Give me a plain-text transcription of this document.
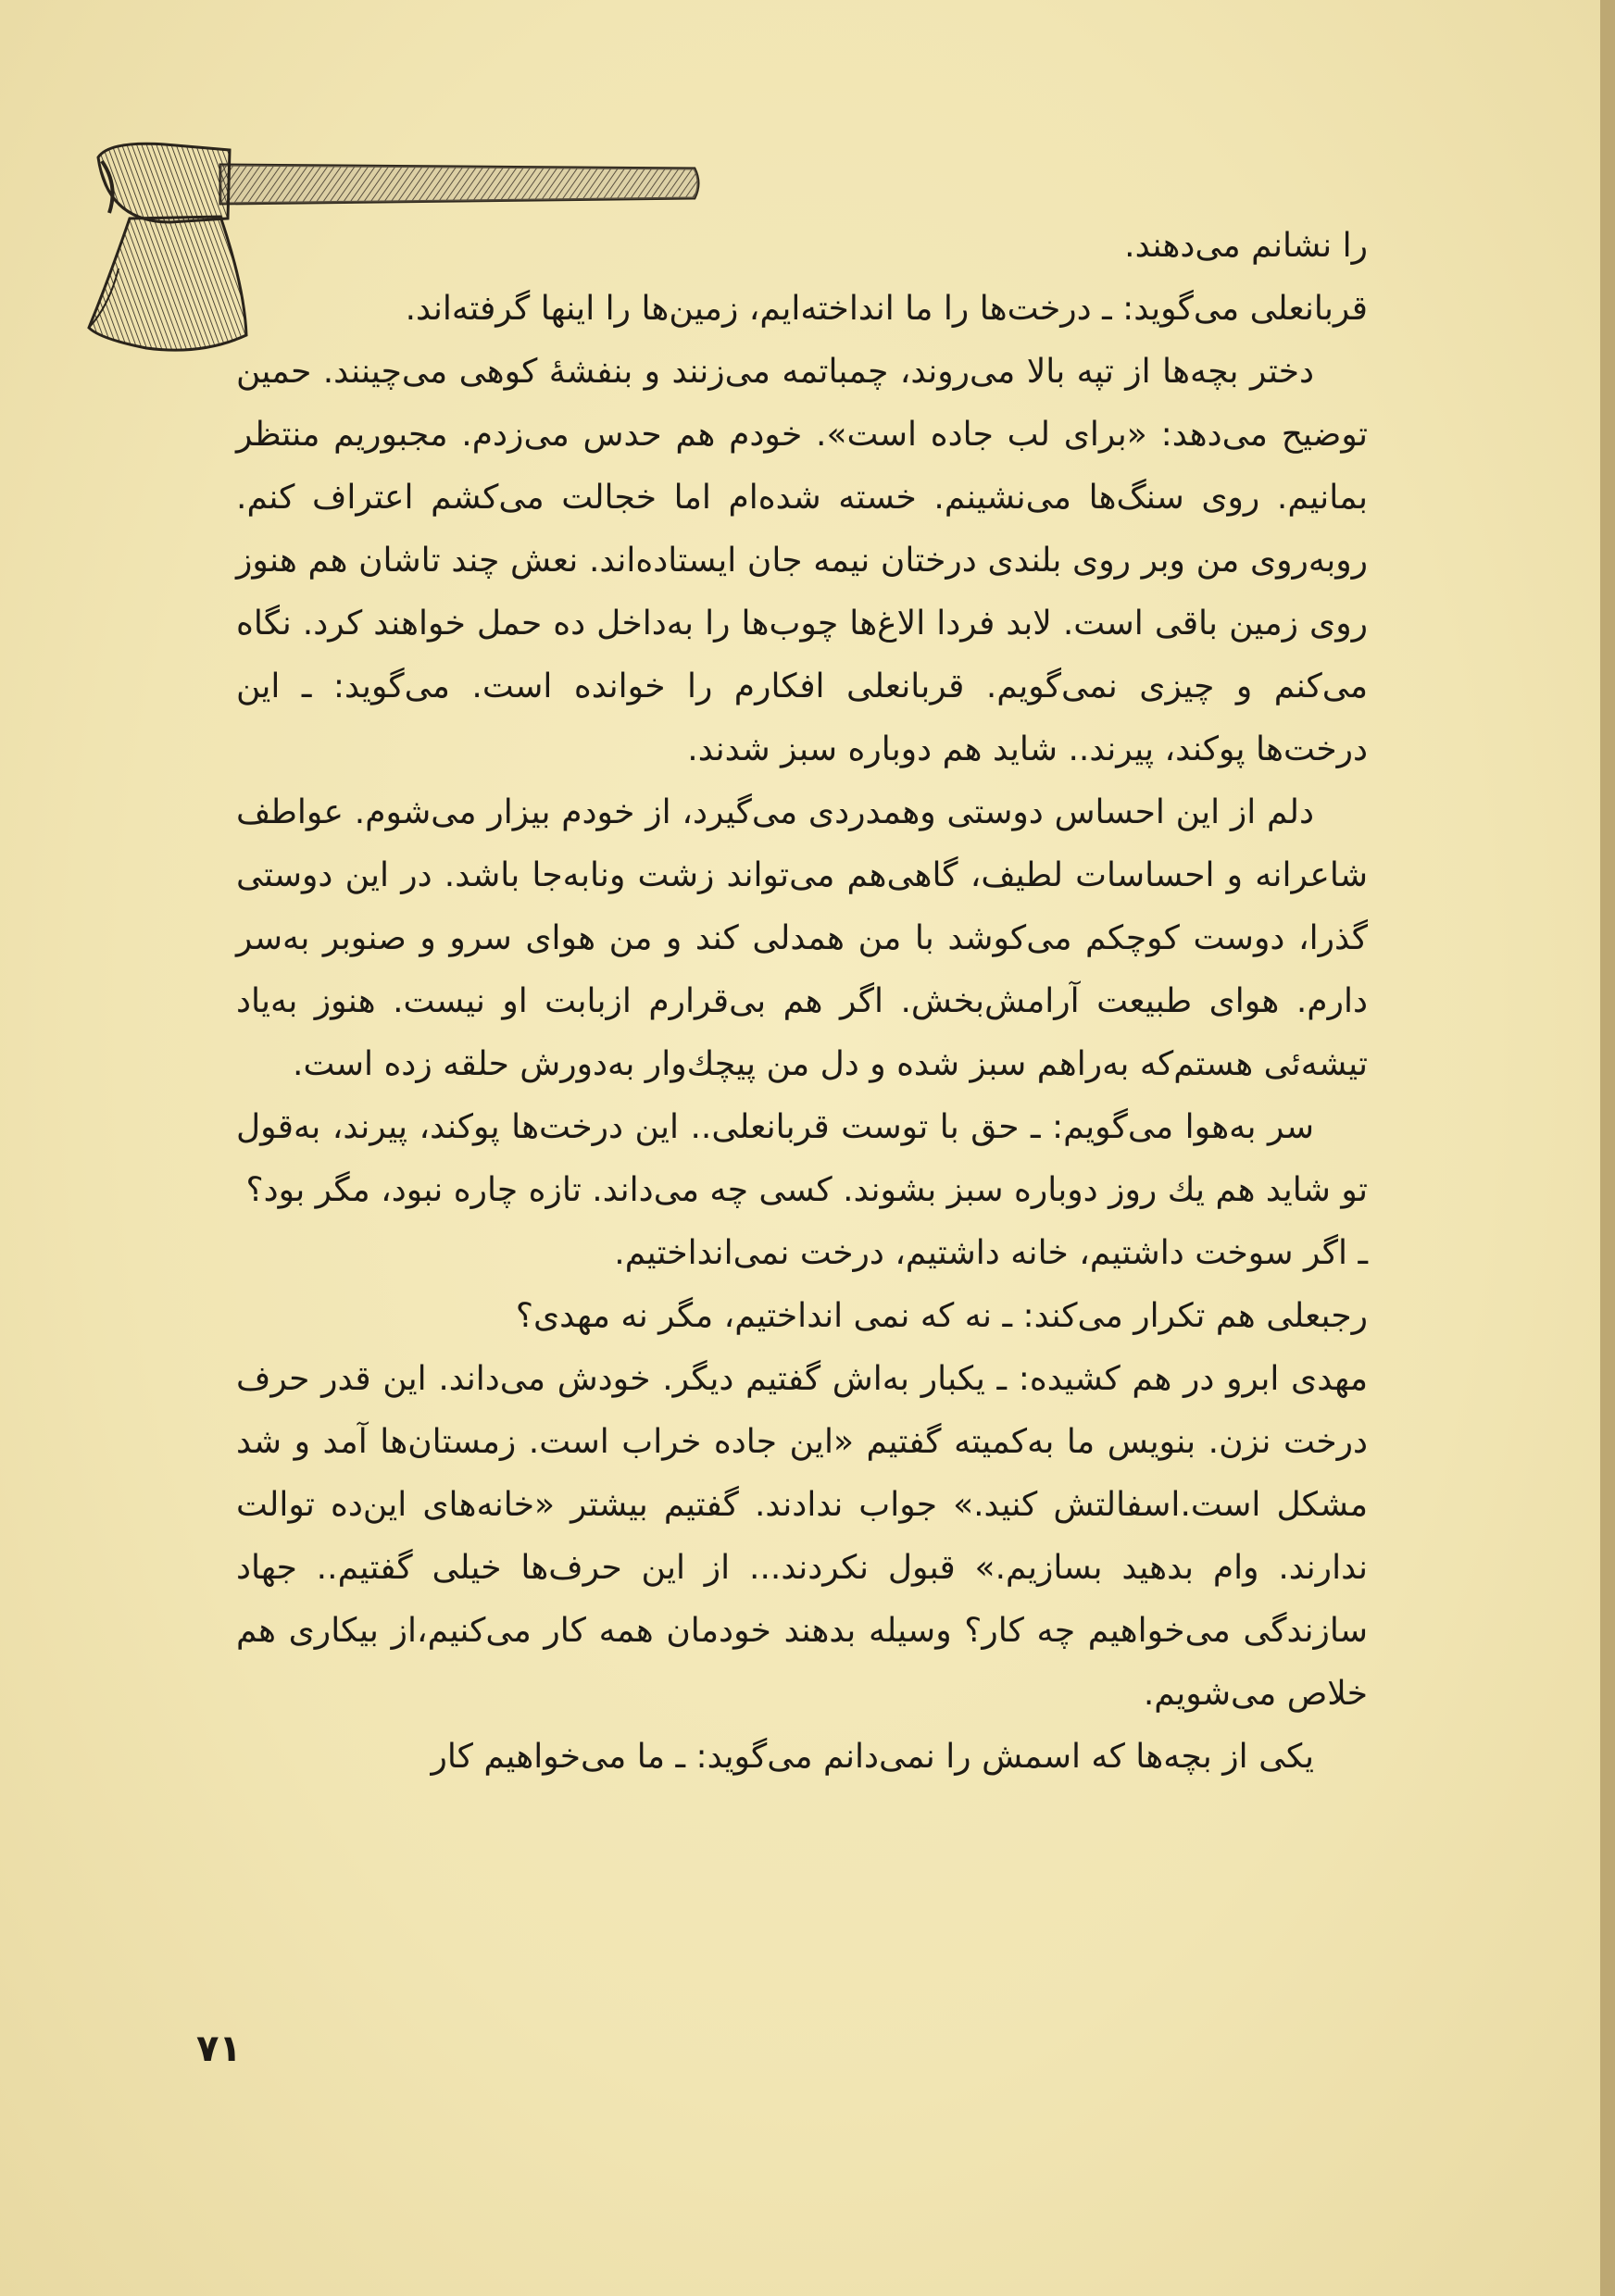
را نشانم می‌دهند.

قربانعلی می‌گوید: ـ درخت‌ها را ما انداخته‌ایم، زمین‌ها را اینها گرفته‌اند.

دختر بچه‌ها از تپه بالا می‌روند، چمباتمه می‌زنند و بنفشهٔ کوهی می‌چینند. حمین توضیح می‌دهد: «برای لب جاده است». خودم هم حدس می‌زدم. مجبوریم منتظر بمانیم. روی سنگ‌ها می‌نشینم. خسته شده‌ام اما خجالت می‌کشم اعتراف کنم. روبه‌روی من وبر روی بلندی درختان نیمه جان ایستاده‌اند. نعش چند تاشان هم هنوز روی زمین باقی است. لابد فردا الاغ‌ها چوب‌ها را به‌داخل ده حمل خواهند کرد. نگاه می‌کنم و چیزی نمی‌گویم. قربانعلی افکارم را خوانده است. می‌گوید: ـ این درخت‌ها پوکند، پیرند.. شاید هم دوباره سبز شدند.

دلم از این احساس دوستی وهمدردی می‌گیرد، از خودم بیزار می‌شوم. عواطف شاعرانه و احساسات لطیف، گاهی‌هم می‌تواند زشت ونابه‌جا باشد. در این دوستی گذرا، دوست کوچکم می‌کوشد با من همدلی کند و من هوای سرو و صنوبر به‌سر دارم. هوای طبیعت آرامش‌بخش. اگر هم بی‌قرارم ازبابت او نیست. هنوز به‌یاد تیشه‌ئی هستم‌که به‌راهم سبز شده و دل من پیچك‌وار به‌دورش حلقه زده است.

سر به‌هوا می‌گویم: ـ حق با توست قربانعلی.. این درخت‌ها پوکند، پیرند، به‌قول تو شاید هم یك روز دوباره سبز بشوند. کسی چه می‌داند. تازه چاره نبود، مگر بود؟

ـ اگر سوخت داشتیم، خانه داشتیم، درخت نمی‌انداختیم.

رجبعلی هم تکرار می‌کند: ـ نه که نمی انداختیم، مگر نه مهدی؟

مهدی ابرو در هم کشیده: ـ یکبار به‌اش گفتیم دیگر. خودش می‌داند. این قدر حرف درخت نزن. بنویس ما به‌کمیته گفتیم «این جاده خراب است. زمستان‌ها آمد و شد مشکل است.اسفالتش کنید.» جواب ندادند. گفتیم بیشتر «خانه‌های این‌ده توالت ندارند. وام بدهید بسازیم.» قبول نکردند... از این حرف‌ها خیلی گفتیم.. جهاد سازندگی می‌خواهیم چه کار؟ وسیله بدهند خودمان همه کار می‌کنیم،از بیکاری هم خلاص می‌شویم.

یکی از بچه‌ها که اسمش را نمی‌دانم می‌گوید: ـ ما می‌خواهیم کار

۷۱
